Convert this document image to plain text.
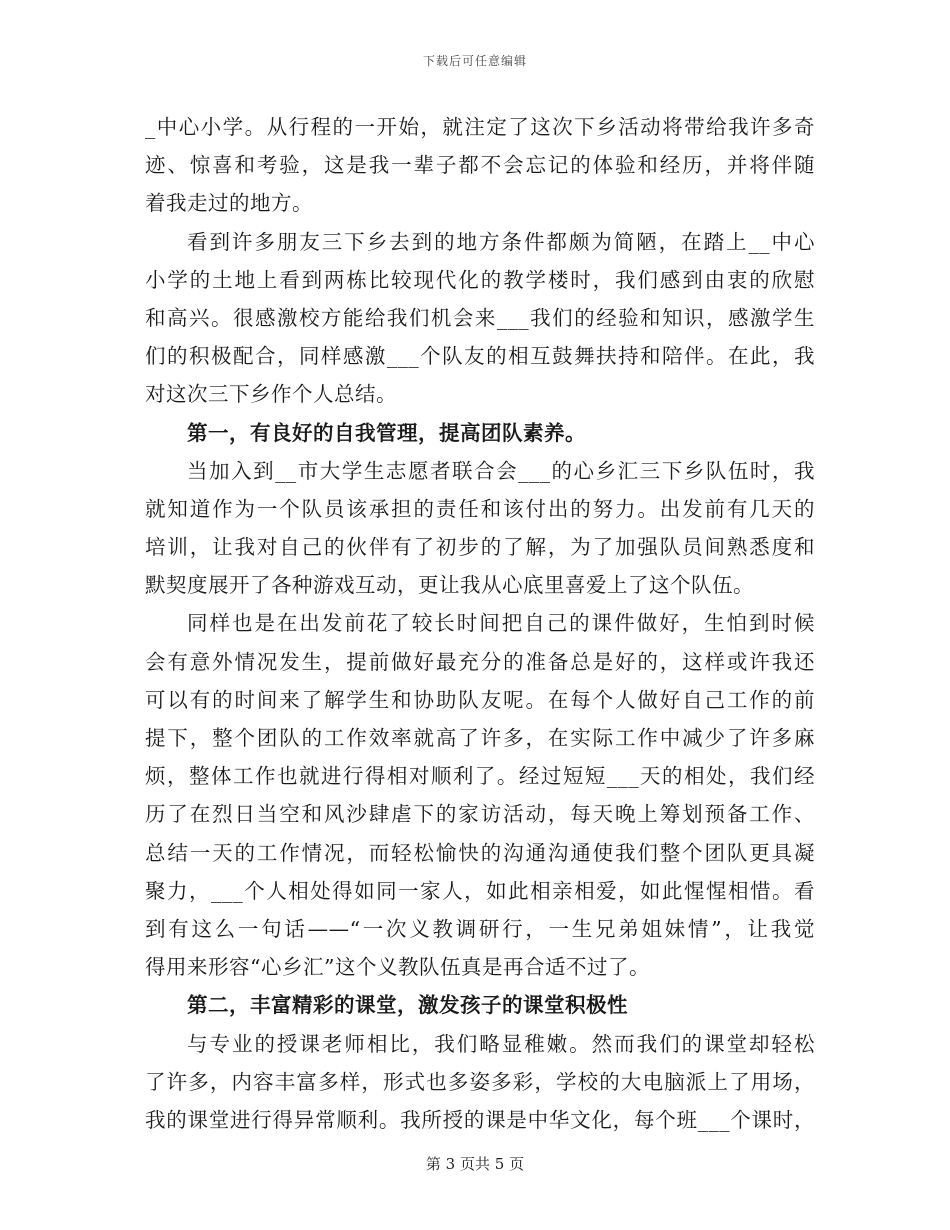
下载后可任意编辑
_中心小学。从行程的一开始，就注定了这次下乡活动将带给我许多奇
迹、惊喜和考验，这是我一辈子都不会忘记的体验和经历，并将伴随
着我走过的地方。
看到许多朋友三下乡去到的地方条件都颇为简陋，在踏上__中心
小学的土地上看到两栋比较现代化的教学楼时，我们感到由衷的欣慰
和高兴。很感激校方能给我们机会来___我们的经验和知识，感激学生
们的积极配合，同样感激___个队友的相互鼓舞扶持和陪伴。在此，我
对这次三下乡作个人总结。
第一，有良好的自我管理，提高团队素养。
当加入到__市大学生志愿者联合会___的心乡汇三下乡队伍时，我
就知道作为一个队员该承担的责任和该付出的努力。出发前有几天的
培训，让我对自己的伙伴有了初步的了解，为了加强队员间熟悉度和
默契度展开了各种游戏互动，更让我从心底里喜爱上了这个队伍。
同样也是在出发前花了较长时间把自己的课件做好，生怕到时候
会有意外情况发生，提前做好最充分的准备总是好的，这样或许我还
可以有的时间来了解学生和协助队友呢。在每个人做好自己工作的前
提下，整个团队的工作效率就高了许多，在实际工作中减少了许多麻
烦，整体工作也就进行得相对顺利了。经过短短___天的相处，我们经
历了在烈日当空和风沙肆虐下的家访活动，每天晚上筹划预备工作、
总结一天的工作情况，而轻松愉快的沟通沟通使我们整个团队更具凝
聚力，___个人相处得如同一家人，如此相亲相爱，如此惺惺相惜。看
到有这么一句话——“一次义教调研行，一生兄弟姐妹情”，让我觉
得用来形容“心乡汇”这个义教队伍真是再合适不过了。
第二，丰富精彩的课堂，激发孩子的课堂积极性
与专业的授课老师相比，我们略显稚嫩。然而我们的课堂却轻松
了许多，内容丰富多样，形式也多姿多彩，学校的大电脑派上了用场，
我的课堂进行得异常顺利。我所授的课是中华文化，每个班___个课时，
第 3 页共 5 页
